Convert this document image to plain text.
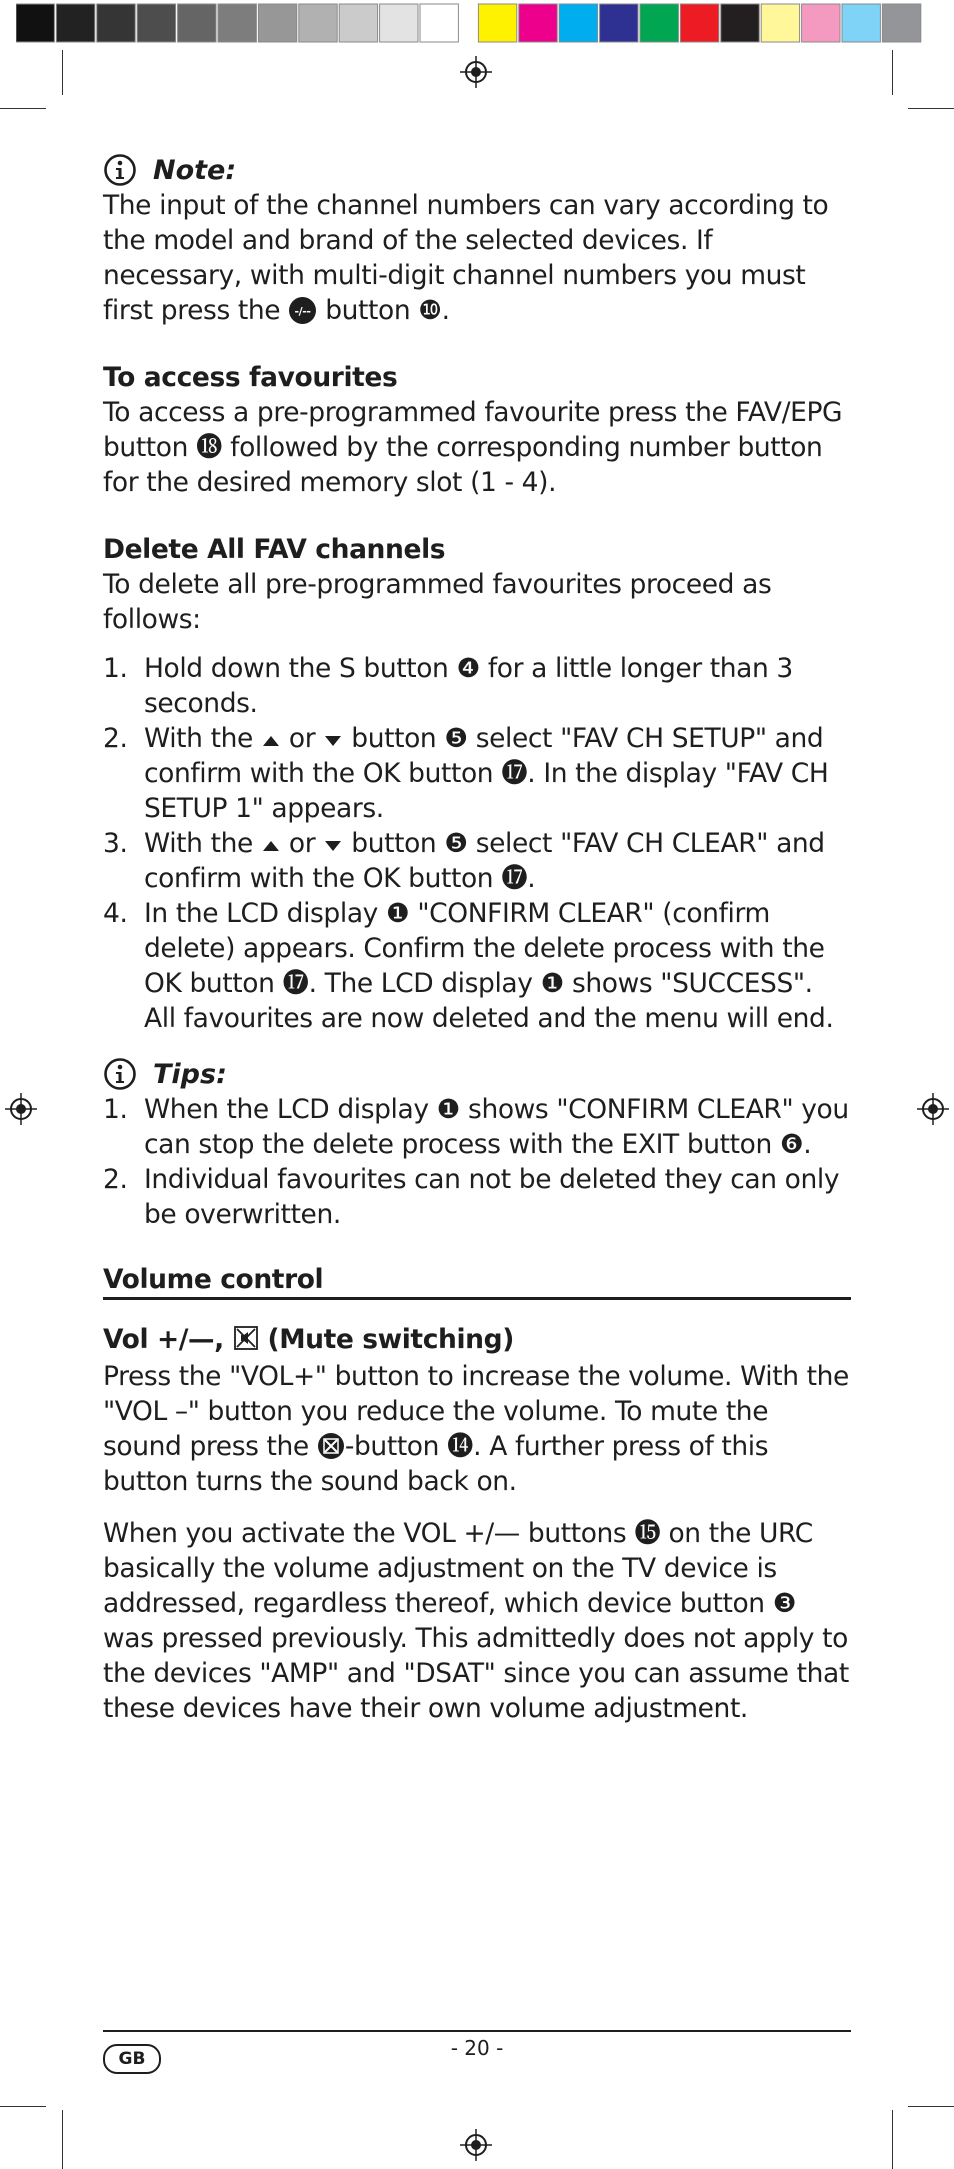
Note:

The input of the channel numbers can vary according to the model and brand of the selected devices. If necessary, with multi-digit channel numbers you must first press the -/-- button ❿.

To access favourites

To access a pre-programmed favourite press the FAV/EPG button ⓲ followed by the corresponding number button for the desired memory slot (1 - 4).

Delete All FAV channels

To delete all pre-programmed favourites proceed as follows:

1. Hold down the S button ❹ for a little longer than 3 seconds.
2. With the  or  button ❺ select "FAV CH SETUP" and confirm with the OK button ⓱. In the display "FAV CH SETUP 1" appears.
3. With the  or  button ❺ select "FAV CH CLEAR" and confirm with the OK button ⓱.
4. In the LCD display ❶ "CONFIRM CLEAR" (confirm delete) appears. Confirm the delete process with the OK button ⓱. The LCD display ❶ shows "SUCCESS". All favourites are now deleted and the menu will end.
Tips:
1. When the LCD display ❶ shows "CONFIRM CLEAR" you can stop the delete process with the EXIT button ❻.
2. Individual favourites can not be deleted they can only be overwritten.

Volume control

Vol +/—,  (Mute switching)

Press the "VOL+" button to increase the volume. With the "VOL –" button you reduce the volume. To mute the sound press the -button ⓮. A further press of this button turns the sound back on.

When you activate the VOL +/— buttons ⓯ on the URC basically the volume adjustment on the TV device is addressed, regardless thereof, which device button ❸ was pressed previously. This admittedly does not apply to the devices "AMP" and "DSAT" since you can assume that

these devices have their own volume adjustment.

GB	- 20 -
